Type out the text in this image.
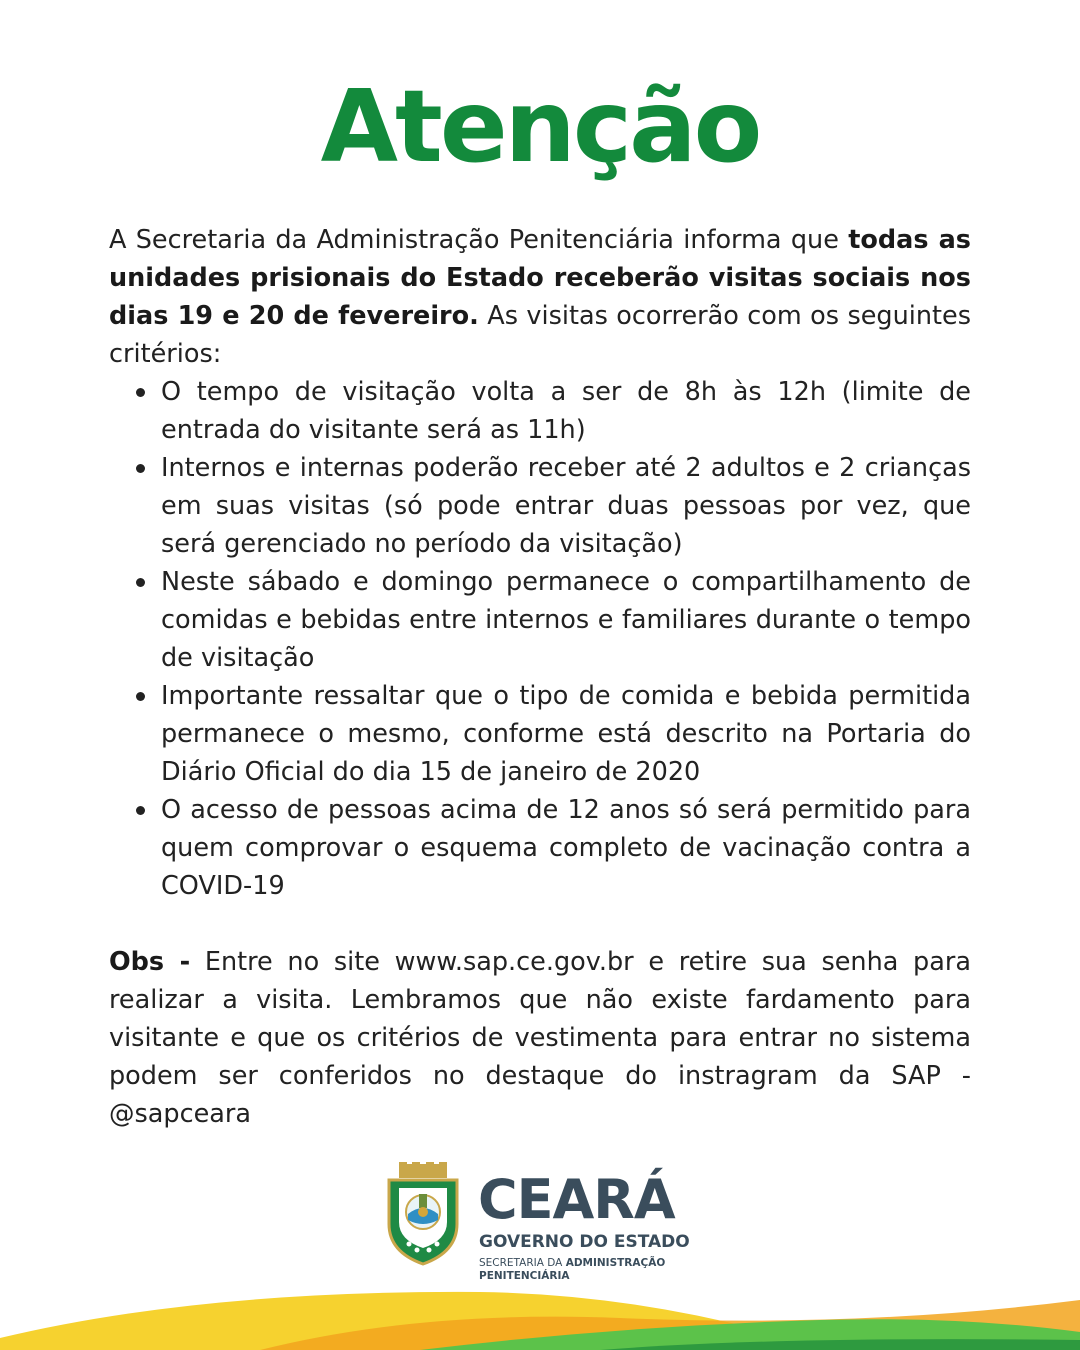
Atenção

A Secretaria da Administração Penitenciária informa que todas as unidades prisionais do Estado receberão visitas sociais nos dias 19 e 20 de fevereiro. As visitas ocorrerão com os seguintes critérios:

O tempo de visitação volta a ser de 8h às 12h (limite de entrada do visitante será as 11h)
Internos e internas poderão receber até 2 adultos e 2 crianças em suas visitas (só pode entrar duas pessoas por vez, que será gerenciado no período da visitação)
Neste sábado e domingo permanece o compartilhamento de comidas e bebidas entre internos e familiares durante o tempo de visitação
Importante ressaltar que o tipo de comida e bebida permitida permanece o mesmo, conforme está descrito na Portaria do Diário Oficial do dia 15 de janeiro de 2020
O acesso de pessoas acima de 12 anos só será permitido para quem comprovar o esquema completo de vacinação contra a COVID-19

Obs - Entre no site www.sap.ce.gov.br e retire sua senha para realizar a visita. Lembramos que não existe fardamento para visitante e que os critérios de vestimenta para entrar no sistema podem ser conferidos no destaque do instragram da SAP - @sapceara

CEARÁ
GOVERNO DO ESTADO
SECRETARIA DA ADMINISTRAÇÃO
PENITENCIÁRIA
